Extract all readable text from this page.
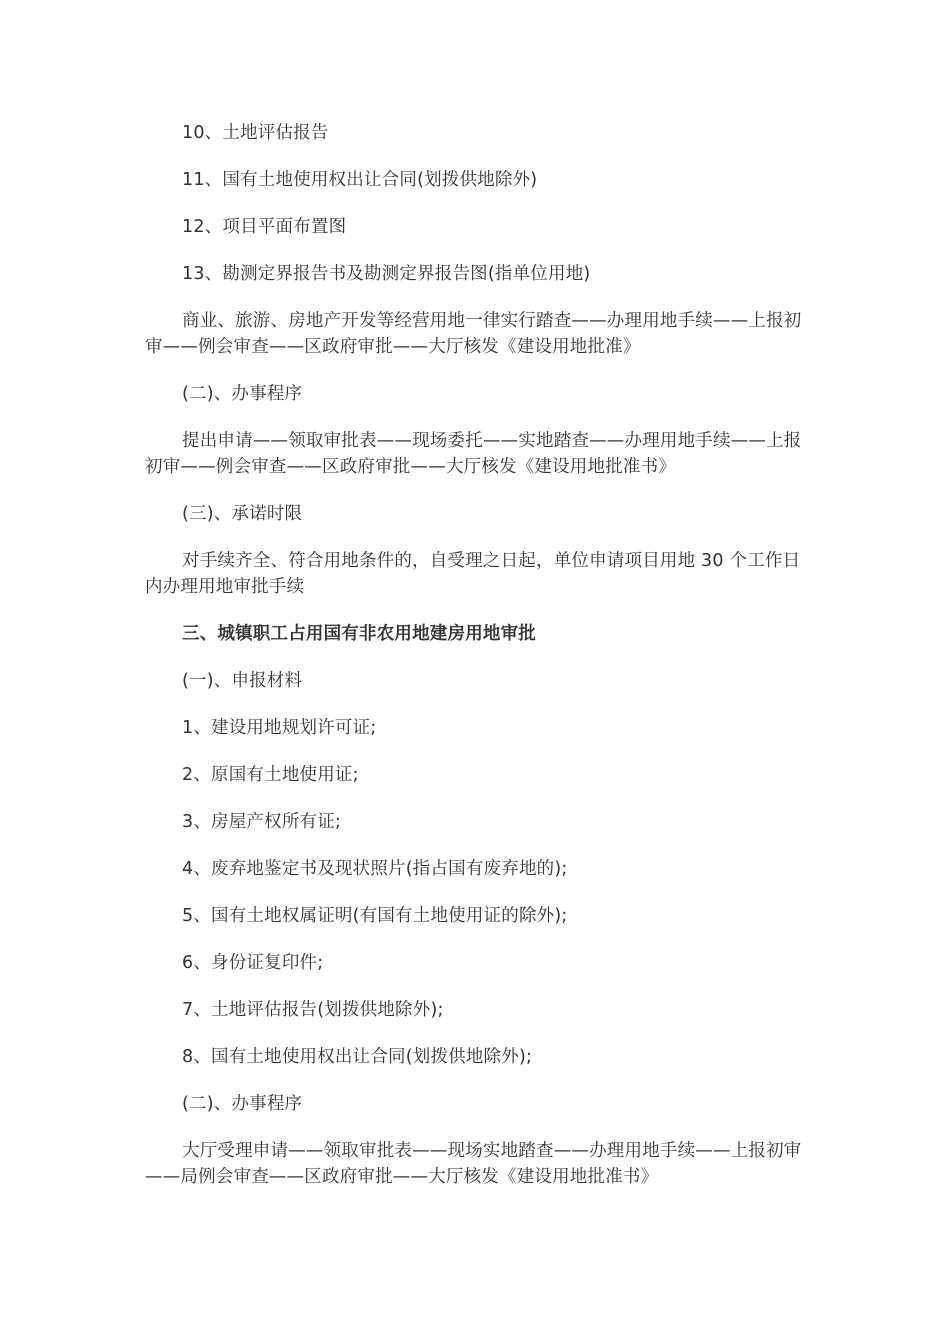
10、土地评估报告

11、国有土地使用权出让合同(划拨供地除外)

12、项目平面布置图

13、勘测定界报告书及勘测定界报告图(指单位用地)

商业、旅游、房地产开发等经营用地一律实行踏查——办理用地手续——上报初审——例会审查——区政府审批——大厅核发《建设用地批准》

(二)、办事程序

提出申请——领取审批表——现场委托——实地踏查——办理用地手续——上报初审——例会审查——区政府审批——大厅核发《建设用地批准书》

(三)、承诺时限

对手续齐全、符合用地条件的，自受理之日起，单位申请项目用地 30 个工作日内办理用地审批手续

三、城镇职工占用国有非农用地建房用地审批

(一)、申报材料

1、建设用地规划许可证;

2、原国有土地使用证;

3、房屋产权所有证;

4、废弃地鉴定书及现状照片(指占国有废弃地的);

5、国有土地权属证明(有国有土地使用证的除外);

6、身份证复印件;

7、土地评估报告(划拨供地除外);

8、国有土地使用权出让合同(划拨供地除外);

(二)、办事程序

大厅受理申请——领取审批表——现场实地踏查——办理用地手续——上报初审——局例会审查——区政府审批——大厅核发《建设用地批准书》
